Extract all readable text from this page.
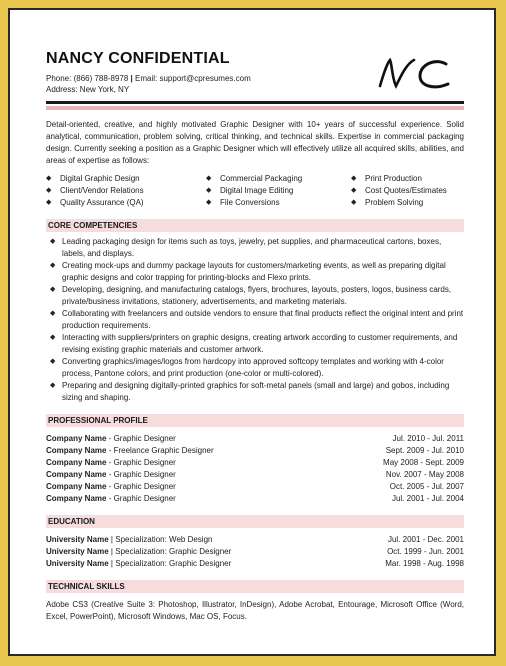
NANCY CONFIDENTIAL
Phone: (866) 788-8978 | Email: support@cpresumes.com
Address: New York, NY
Detail-oriented, creative, and highly motivated Graphic Designer with 10+ years of successful experience. Solid analytical, communication, problem solving, critical thinking, and technical skills. Expertise in commercial packaging design. Currently seeking a position as a Graphic Designer which will effectively utilize all acquired skills, abilities, and areas of expertise as follows:
◆ Digital Graphic Design
◆ Client/Vendor Relations
◆ Quality Assurance (QA)
◆ Commercial Packaging
◆ Digital Image Editing
◆ File Conversions
◆ Print Production
◆ Cost Quotes/Estimates
◆ Problem Solving
CORE COMPETENCIES
◆ Leading packaging design for items such as toys, jewelry, pet supplies, and pharmaceutical cartons, boxes, labels, and displays.
◆ Creating mock-ups and dummy package layouts for customers/marketing events, as well as preparing digital graphic designs and color trapping for printing-blocks and Flexo prints.
◆ Developing, designing, and manufacturing catalogs, flyers, brochures, layouts, posters, logos, business cards, private/business invitations, stationery, advertisements, and marketing materials.
◆ Collaborating with freelancers and outside vendors to ensure that final products reflect the original intent and print production requirements.
◆ Interacting with suppliers/printers on graphic designs, creating artwork according to customer requirements, and revising existing graphic materials and customer artwork.
◆ Converting graphics/images/logos from hardcopy into approved softcopy templates and working with 4-color process, Pantone colors, and print production (one-color or multi-colored).
◆ Preparing and designing digitally-printed graphics for soft-metal panels (small and large) and gobos, including sizing and shaping.
PROFESSIONAL PROFILE
Company Name - Graphic Designer	Jul. 2010 - Jul. 2011
Company Name - Freelance Graphic Designer	Sept. 2009 - Jul. 2010
Company Name - Graphic Designer	May 2008 - Sept. 2009
Company Name - Graphic Designer	Nov. 2007 - May 2008
Company Name - Graphic Designer	Oct. 2005 - Jul. 2007
Company Name - Graphic Designer	Jul. 2001 - Jul. 2004
EDUCATION
University Name | Specialization: Web Design	Jul. 2001 - Dec. 2001
University Name | Specialization: Graphic Designer	Oct. 1999 - Jun. 2001
University Name | Specialization: Graphic Designer	Mar. 1998 - Aug. 1998
TECHNICAL SKILLS
Adobe CS3 (Creative Suite 3: Photoshop, Illustrator, InDesign), Adobe Acrobat, Entourage, Microsoft Office (Word, Excel, PowerPoint), Microsoft Windows, Mac OS, Focus.
